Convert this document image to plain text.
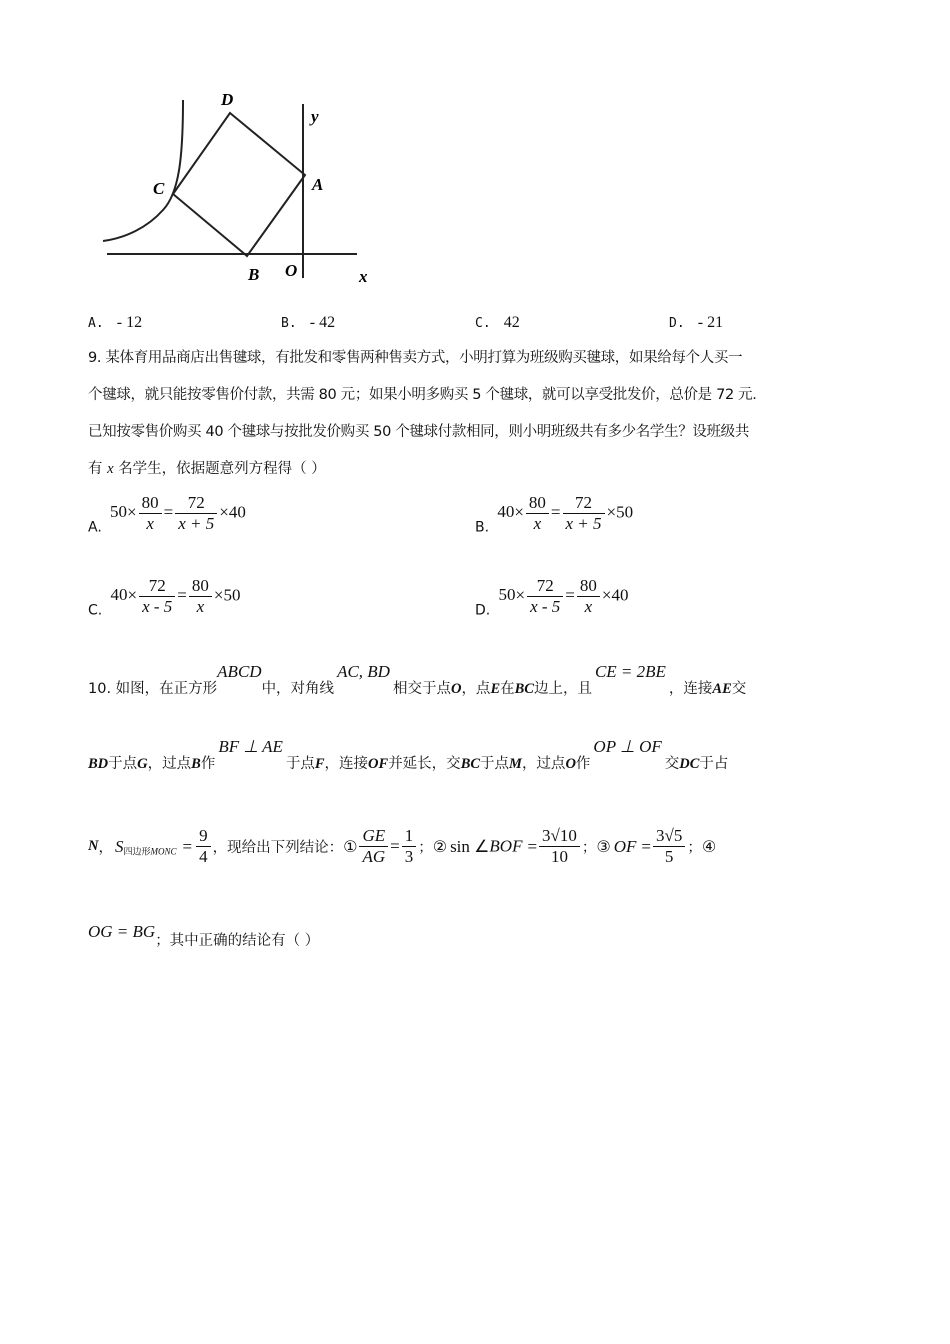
D
y
C	A
B O	x
A. - 12	B. - 42	C. 42	D. - 21
9. 某体育用品商店出售毽球，有批发和零售两种售卖方式，小明打算为班级购买毽球，如果给每个人买一
个毽球，就只能按零售价付款，共需 80 元；如果小明多购买 5 个毽球，就可以享受批发价，总价是 72 元.
已知按零售价购买 40 个毽球与按批发价购买 50 个毽球付款相同，则小明班级共有多少名学生？设班级共
有 x 名学生，依据题意列方程得（ ）
$_{A.}$ $50\times \frac{80}{x} = \frac{72}{x + 5} \times 40$
$_{B.}$ $40\times \frac{80}{x} = \frac{72}{x + 5} \times 50$
$_{C.}$ $40\times \frac{72}{x - 5} = \frac{80}{x} \times 50$
$_{D.}$ $50\times \frac{72}{x - 5} = \frac{80}{x} \times 40$
10. 如图，在正方形ABCD中，对角线AC, BD相交于点O，点E在BC边上，且CE = 2BE，连接AE交
BD于点G，过点B作BF ⊥ AE于点F，连接OF并延长，交BC于点M，过点O作OP ⊥ OF交DC于占
N， $S_{四边形MONC} = \frac{9}{4}$ ，现给出下列结论：① $\frac{GE}{AG} = \frac{1}{3}$ ；② sin ∠BOF = $\frac{3√10}{10}$ ；③ OF = $\frac{3√5}{5}$ ；④
OG = BG；其中正确的结论有（ ）
